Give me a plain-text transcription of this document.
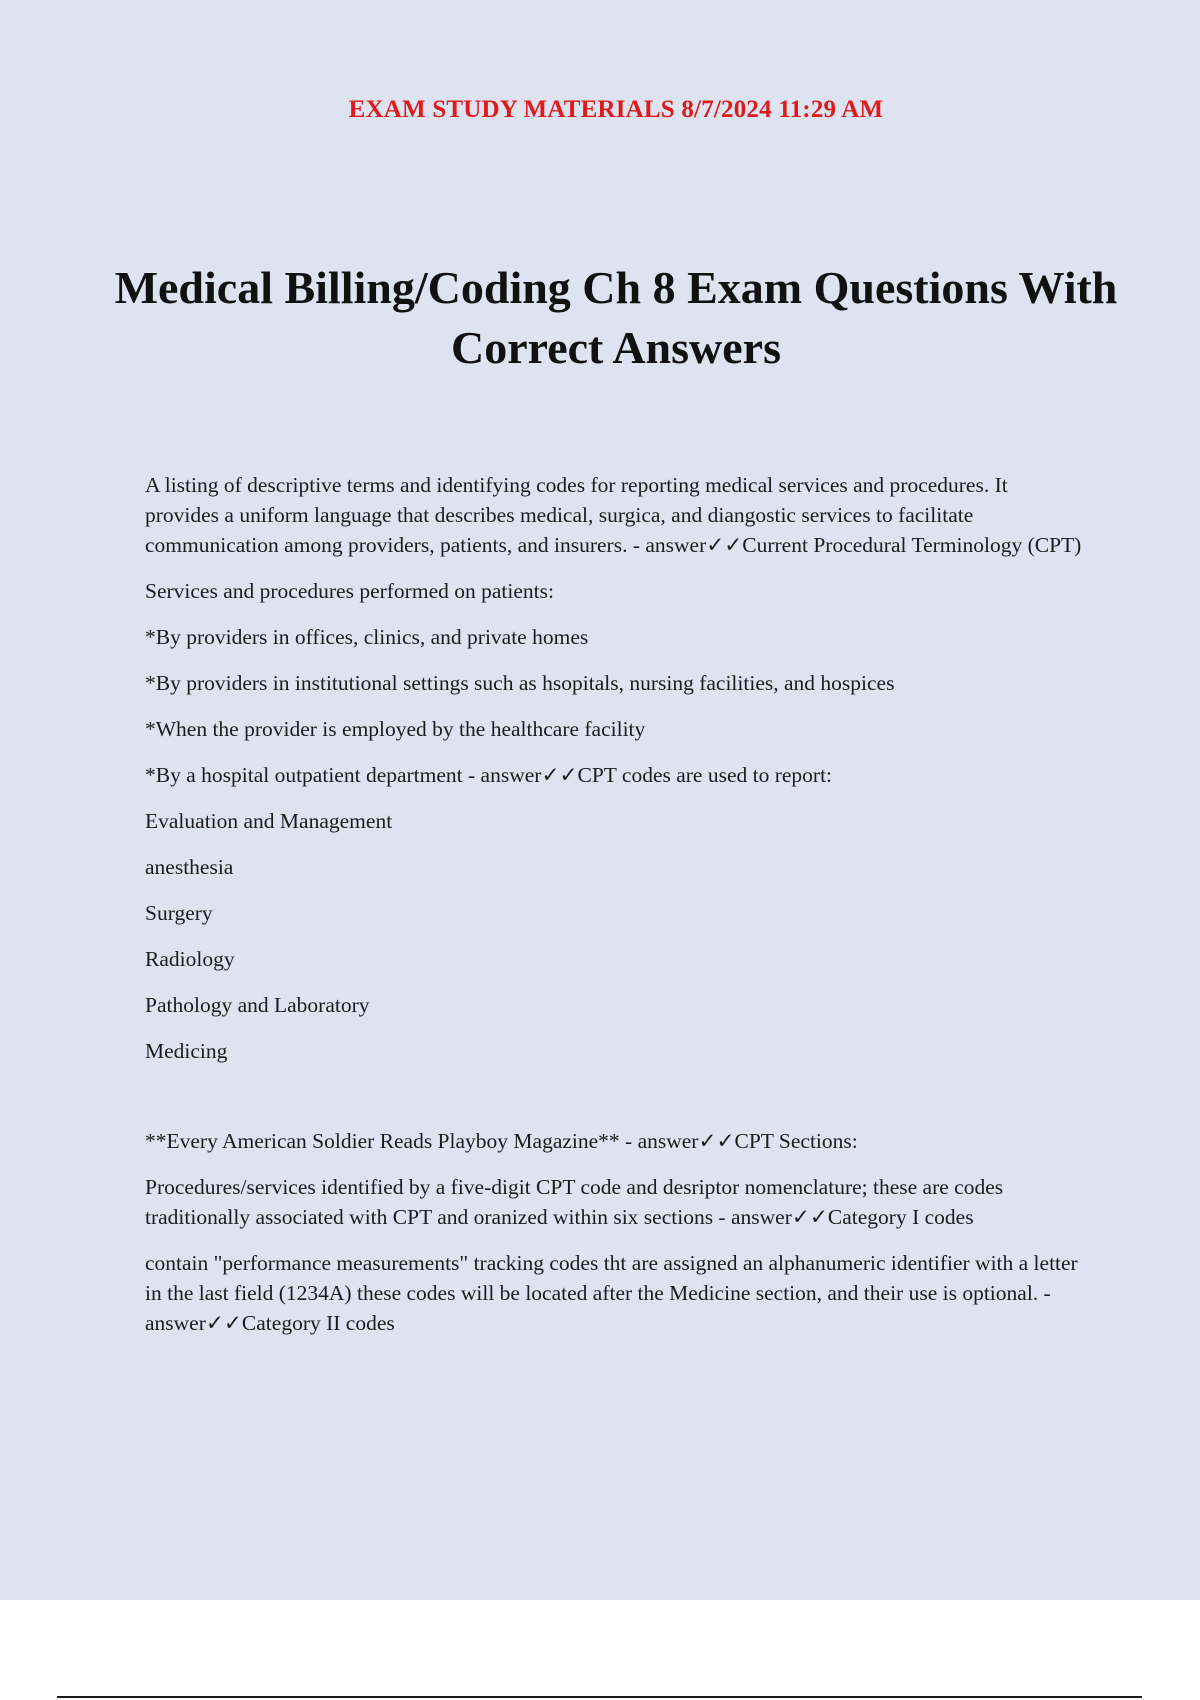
EXAM STUDY MATERIALS 8/7/2024 11:29 AM
Medical Billing/Coding Ch 8 Exam Questions With Correct Answers

A listing of descriptive terms and identifying codes for reporting medical services and procedures. It provides a uniform language that describes medical, surgica, and diangostic services to facilitate communication among providers, patients, and insurers. - answer✓✓Current Procedural Terminology (CPT)

Services and procedures performed on patients:

*By providers in offices, clinics, and private homes

*By providers in institutional settings such as hsopitals, nursing facilities, and hospices

*When the provider is employed by the healthcare facility

*By a hospital outpatient department - answer✓✓CPT codes are used to report:

Evaluation and Management

anesthesia

Surgery

Radiology

Pathology and Laboratory

Medicing

**Every American Soldier Reads Playboy Magazine** - answer✓✓CPT Sections:

Procedures/services identified by a five-digit CPT code and desriptor nomenclature; these are codes traditionally associated with CPT and oranized within six sections - answer✓✓Category I codes

contain "performance measurements" tracking codes tht are assigned an alphanumeric identifier with a letter in the last field (1234A) these codes will be located after the Medicine section, and their use is optional. - answer✓✓Category II codes
